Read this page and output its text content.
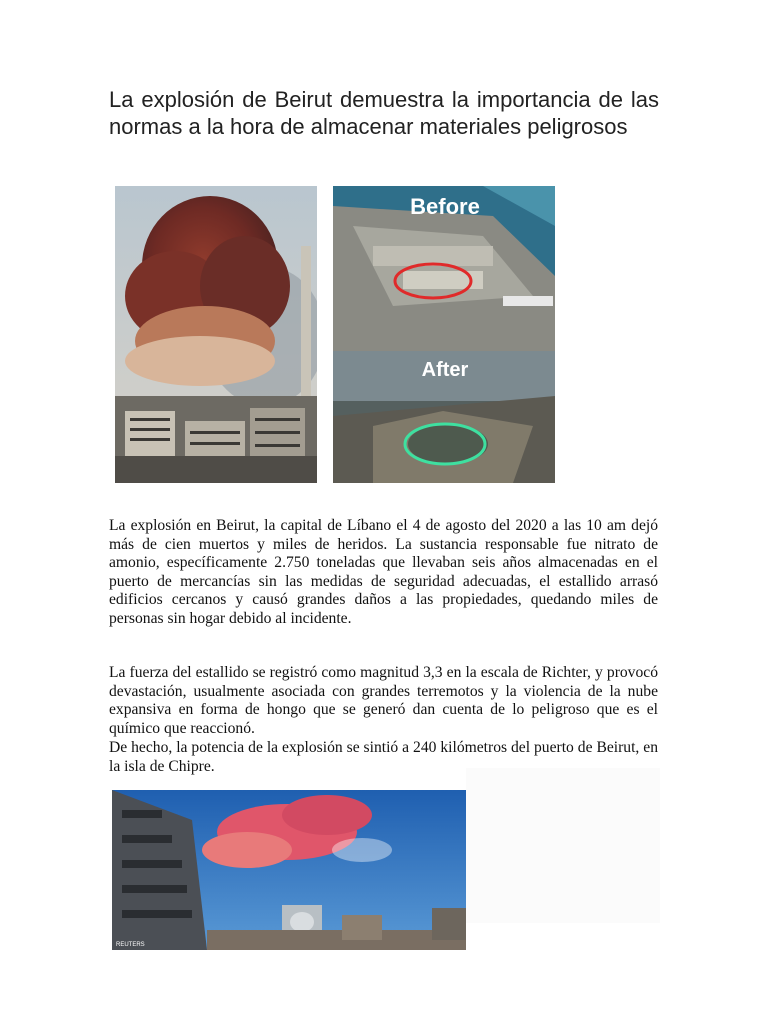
La explosión de Beirut demuestra la importancia de las normas a la hora de almacenar materiales peligrosos
Before
After
La explosión en Beirut, la capital de Líbano el 4 de agosto del 2020 a las 10 am dejó más de cien muertos y miles de heridos. La sustancia responsable fue nitrato de amonio, específicamente 2.750 toneladas que llevaban seis años almacenadas en el puerto de mercancías sin las medidas de seguridad adecuadas, el estallido arrasó edificios cercanos y causó grandes daños a las propiedades, quedando miles de personas sin hogar debido al incidente.
La fuerza del estallido se registró como magnitud 3,3 en la escala de Richter, y provocó devastación, usualmente asociada con grandes terremotos y la violencia de la nube expansiva en forma de hongo que se generó dan cuenta de lo peligroso que es el químico que reaccionó.
De hecho, la potencia de la explosión se sintió a 240 kilómetros del puerto de Beirut, en la isla de Chipre.
REUTERS
